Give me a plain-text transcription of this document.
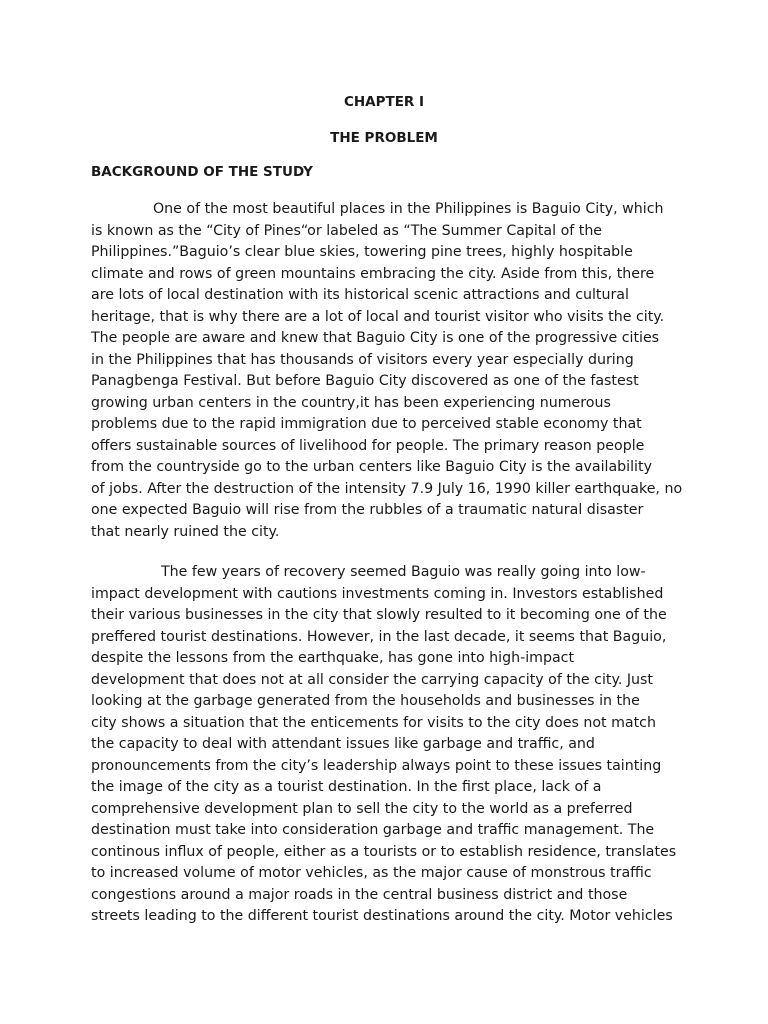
CHAPTER I
THE PROBLEM
BACKGROUND OF THE STUDY
One of the most beautiful places in the Philippines is Baguio City, which
is known as the “City of Pines“or labeled as “The Summer Capital of the
Philippines.”Baguio’s clear blue skies, towering pine trees, highly hospitable
climate and rows of green mountains embracing the city. Aside from this, there
are lots of local destination with its historical scenic attractions and cultural
heritage, that is why there are a lot of local and tourist visitor who visits the city.
The people are aware and knew that Baguio City is one of the progressive cities
in the Philippines that has thousands of visitors every year especially during
Panagbenga Festival. But before Baguio City discovered as one of the fastest
growing urban centers in the country,it has been experiencing numerous
problems due to the rapid immigration due to perceived stable economy that
offers sustainable sources of livelihood for people. The primary reason people
from the countryside go to the urban centers like Baguio City is the availability
of jobs. After the destruction of the intensity 7.9 July 16, 1990 killer earthquake, no
one expected Baguio will rise from the rubbles of a traumatic natural disaster
that nearly ruined the city.
The few years of recovery seemed Baguio was really going into low-
impact development with cautions investments coming in. Investors established
their various businesses in the city that slowly resulted to it becoming one of the
preffered tourist destinations. However, in the last decade, it seems that Baguio,
despite the lessons from the earthquake, has gone into high-impact
development that does not at all consider the carrying capacity of the city. Just
looking at the garbage generated from the households and businesses in the
city shows a situation that the enticements for visits to the city does not match
the capacity to deal with attendant issues like garbage and traffic, and
pronouncements from the city’s leadership always point to these issues tainting
the image of the city as a tourist destination. In the first place, lack of a
comprehensive development plan to sell the city to the world as a preferred
destination must take into consideration garbage and traffic management. The
continous influx of people, either as a tourists or to establish residence, translates
to increased volume of motor vehicles, as the major cause of monstrous traffic
congestions around a major roads in the central business district and those
streets leading to the different tourist destinations around the city. Motor vehicles
